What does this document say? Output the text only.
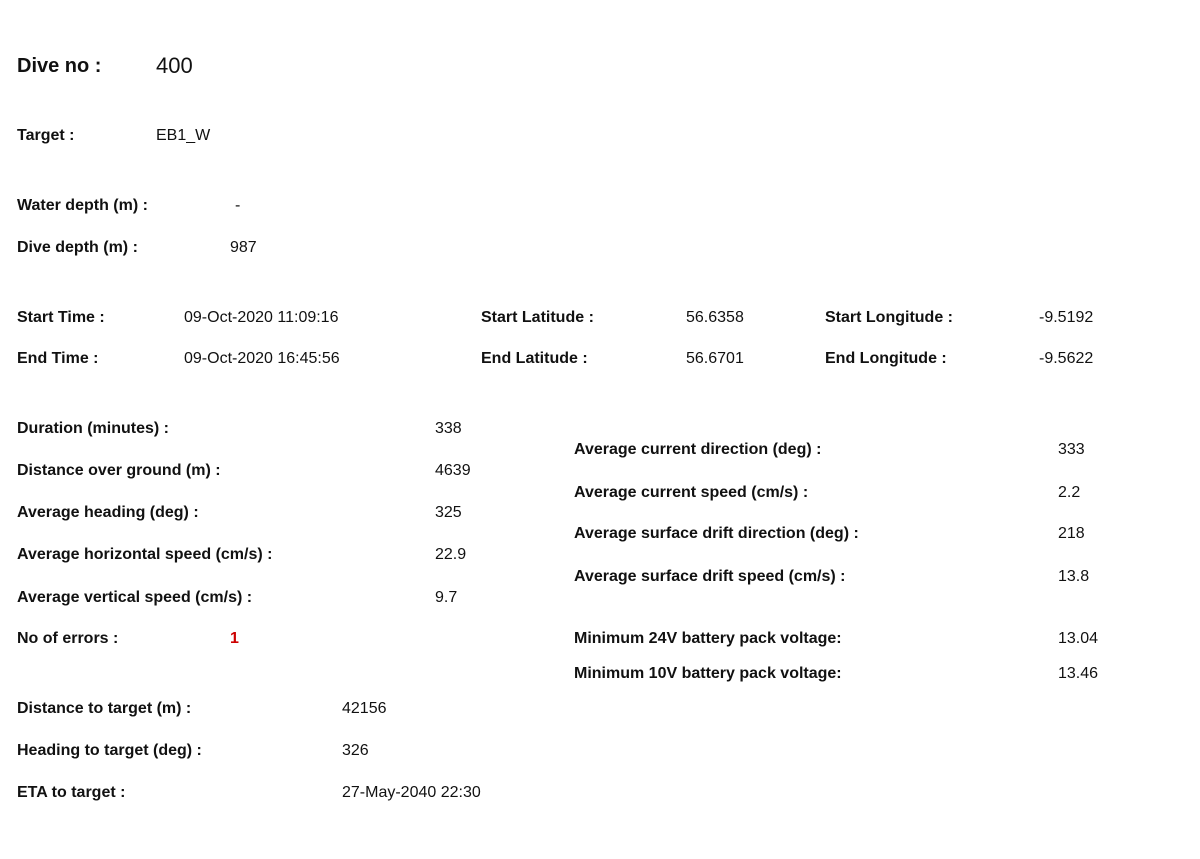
Dive no : 400
Target :	EB1_W
Water depth (m) :	-
Dive depth (m) :	987
Start Time :	09-Oct-2020 11:09:16	Start Latitude :	56.6358	Start Longitude :	-9.5192
End Time :	09-Oct-2020 16:45:56	End Latitude :	56.6701	End Longitude :	-9.5622
Duration (minutes) :	338
Distance over ground (m) :	4639
Average heading (deg) :	325
Average horizontal speed (cm/s) :	22.9
Average vertical speed (cm/s) :	9.7
No of errors :	1
Average current direction (deg) :	333
Average current speed (cm/s) :	2.2
Average surface drift direction (deg) :	218
Average surface drift speed (cm/s) :	13.8
Minimum 24V battery pack voltage:	13.04
Minimum 10V battery pack voltage:	13.46
Distance to target (m) :	42156
Heading to target (deg) :	326
ETA to target :	27-May-2040 22:30
